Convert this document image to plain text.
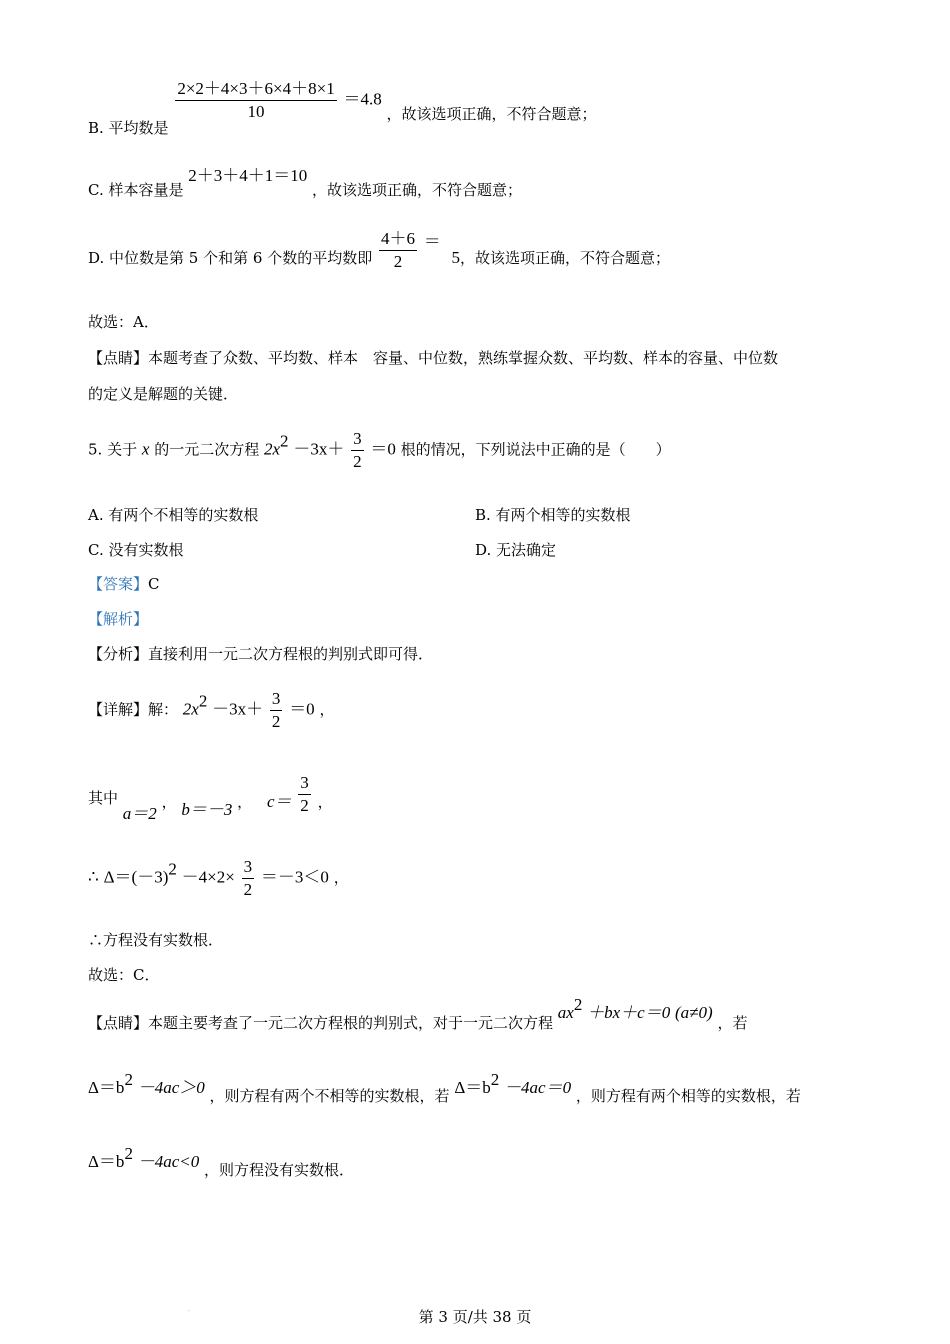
B. 平均数是
$\frac{2\times 2+4\times 3+6\times 4+8\times 1}{10} =4.8$ ，故该选项正确，不符合题意；
C. 样本容量是 2＋3＋4＋1＝10 ，故该选项正确，不符合题意；
D. 中位数是第 5 个和第 6 个数的平均数即 $\frac{4+6}{2} = 5$，故该选项正确，不符合题意；
故选：A．
【点睛】本题考查了众数、平均数、样本　容量、中位数，熟练掌握众数、平均数、样本的容量、中位数
的定义是解题的关键．
5. 关于 x 的一元二次方程 $2x^2 -3x+ \frac{3}{2} =0$ 根的情况，下列说法中正确的是（　　）
A. 有两个不相等的实数根	B. 有两个相等的实数根
C. 没有实数根	D. 无法确定
【答案】C
【解析】
【分析】直接利用一元二次方程根的判别式即可得．
【详解】解： $2x^2 -3x+ \frac{3}{2} =0$ ，
其中 a＝2 ， b＝－3 ， $c= \frac{3}{2}$ ，
∴ $\Delta=(-3)^2 -4\times 2\times \frac{3}{2} =-3<0$ ，
∴方程没有实数根．
故选：C．
【点睛】本题主要考查了一元二次方程根的判别式，对于一元二次方程 $ax^2 +bx+c=0$ (a≠0) ，若
$\Delta=b^2 -4ac>0$ ，则方程有两个不相等的实数根，若 $\Delta=b^2 -4ac=0$ ，则方程有两个相等的实数根，若
$\Delta=b^2 -4ac<0$ ，则方程没有实数根．
.	第 3 页/共 38 页
